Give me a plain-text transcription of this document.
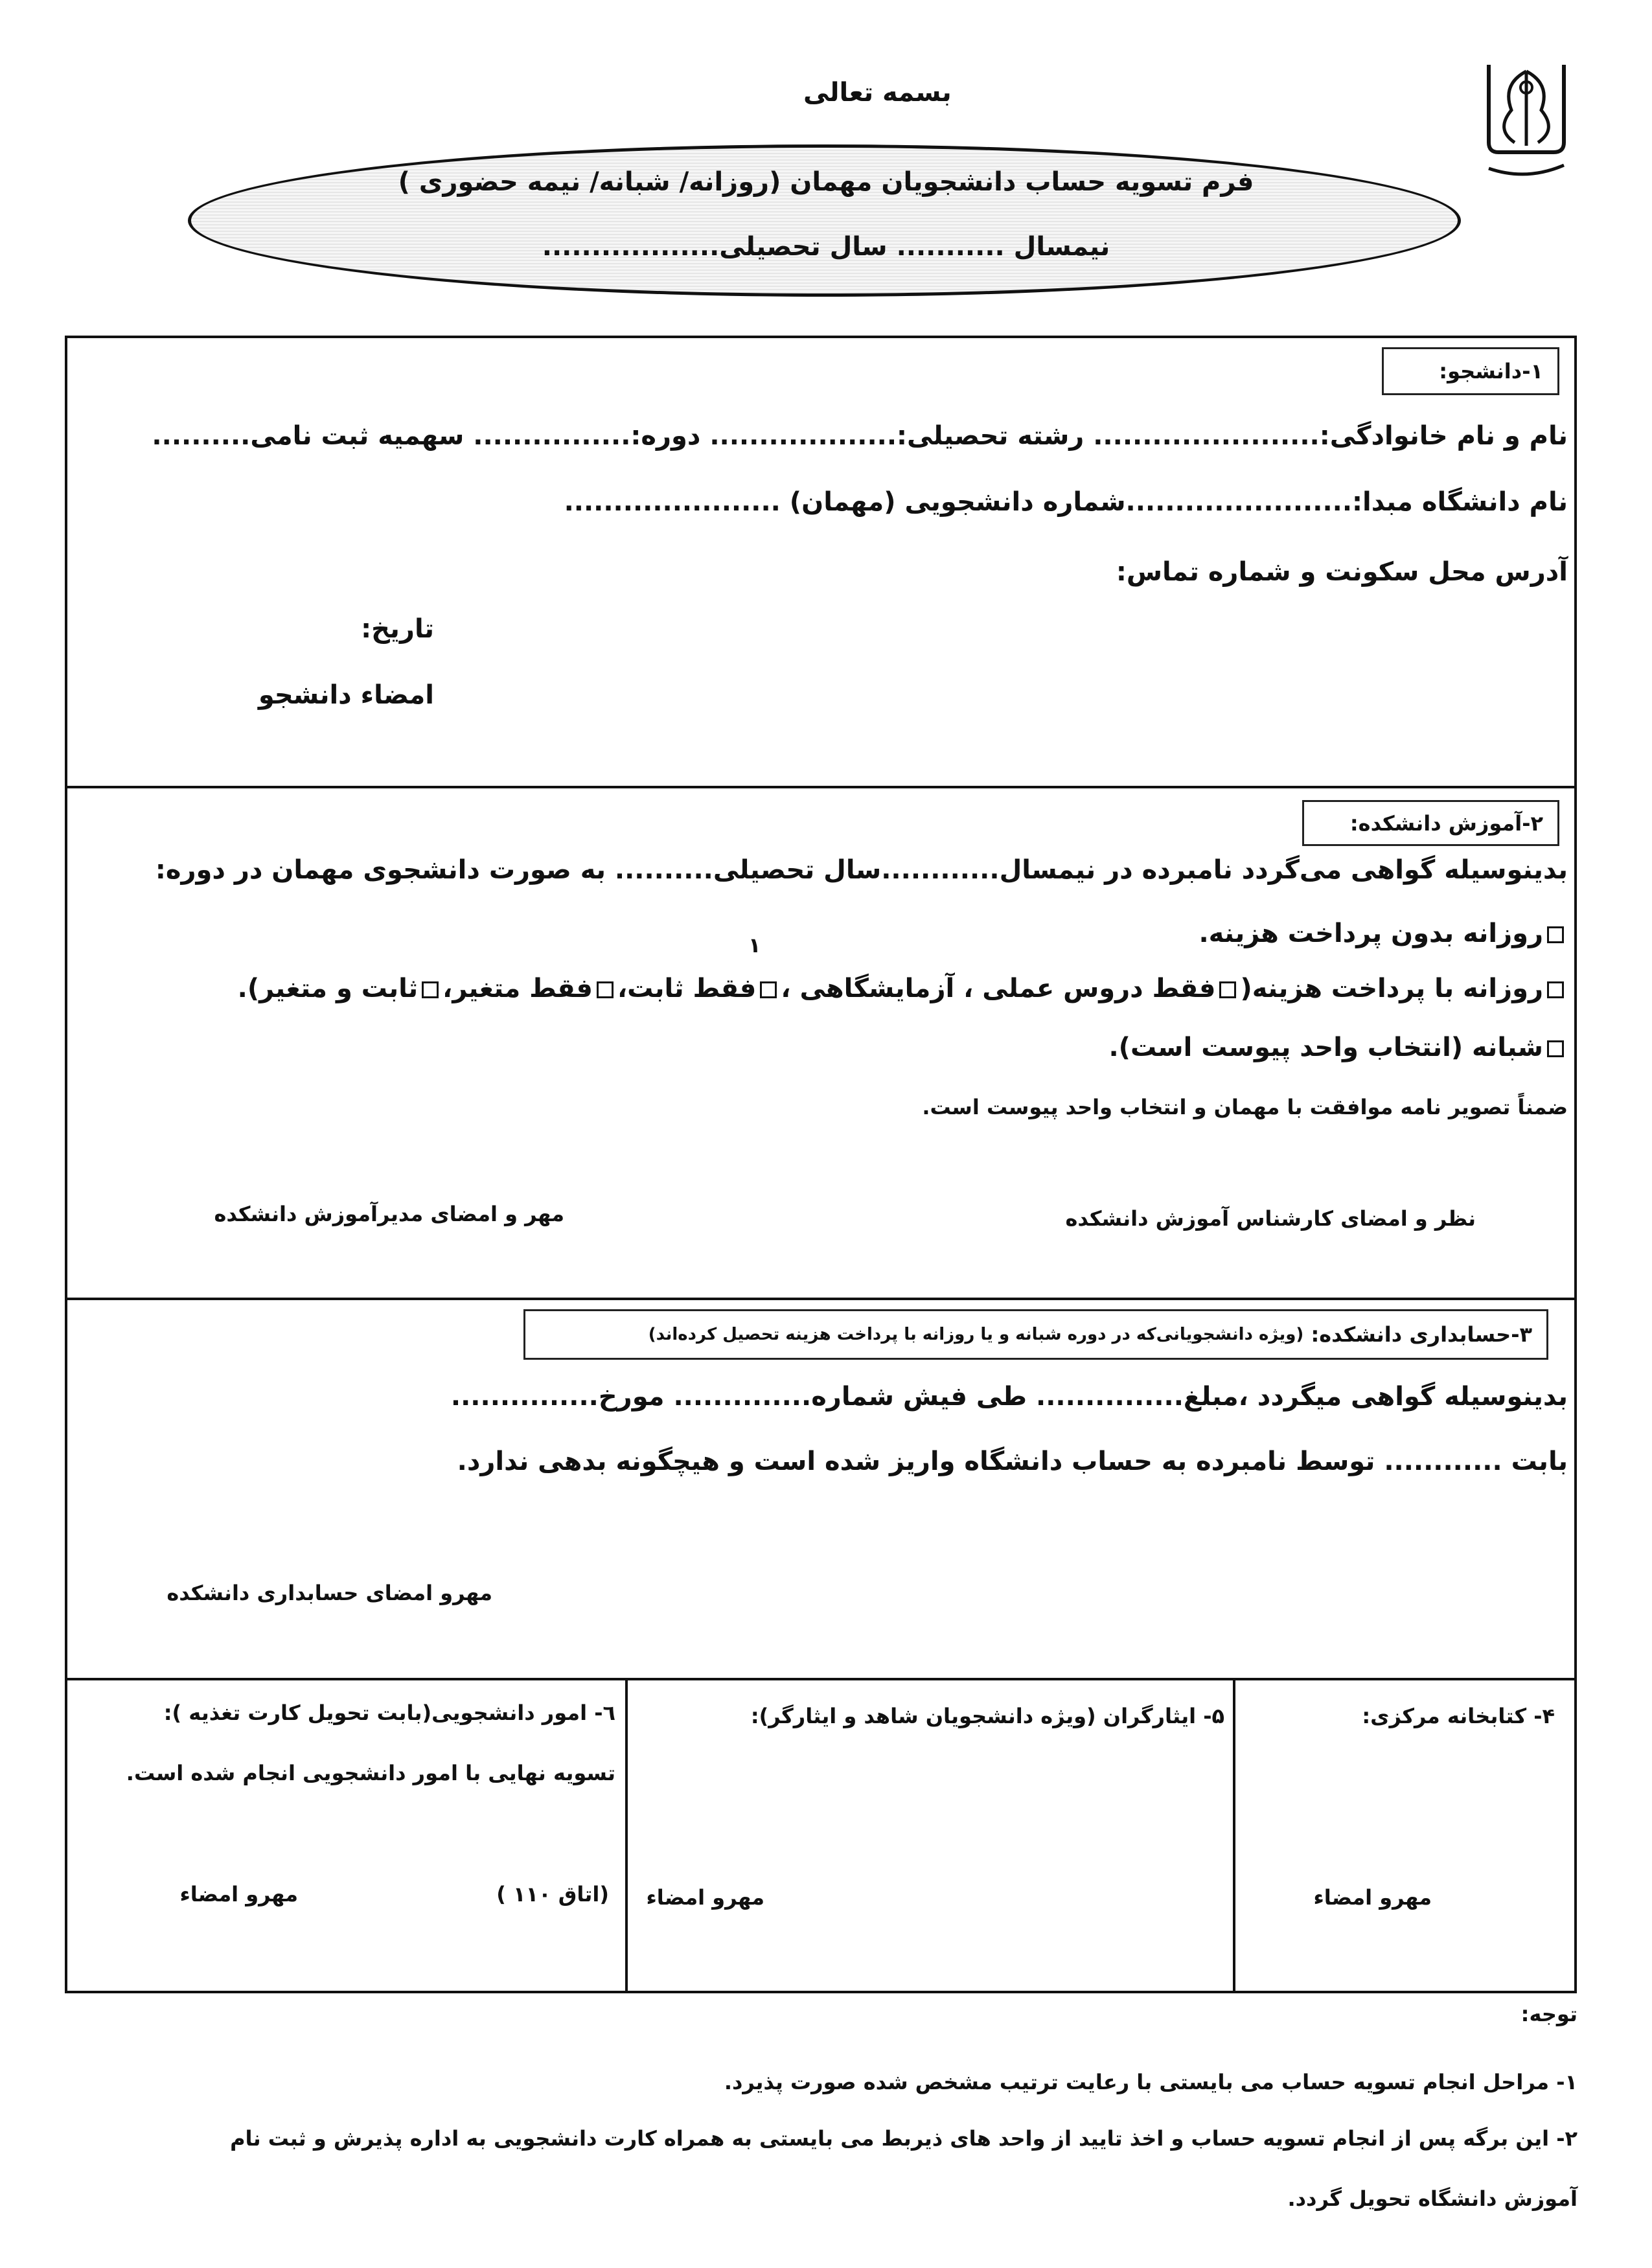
بسمه تعالی
فرم تسویه حساب دانشجویان مهمان (روزانه/ شبانه/ نیمه حضوری )
نیمسال ........... سال تحصیلی..................
۱-دانشجو:
نام و نام خانوادگی:....................... رشته تحصیلی:................... دوره:................ سهمیه ثبت نامی..........
نام دانشگاه مبدا:.......................شماره دانشجویی (مهمان) ......................
آدرس محل سکونت و شماره تماس:
تاریخ:
امضاء دانشجو
۲-آموزش دانشکده:
بدینوسیله گواهی می‌گردد نامبرده در نیمسال............سال تحصیلی.......... به صورت دانشجوی مهمان در دوره:
۱	روزانه بدون پرداخت هزینه.
روزانه با پرداخت هزینه(فقط دروس عملی ، آزمایشگاهی ،فقط ثابت،فقط متغیر،ثابت و متغیر).
شبانه (انتخاب واحد پیوست است).
ضمناً تصویر نامه موافقت با مهمان و انتخاب واحد پیوست است.
نظر و امضای کارشناس آموزش دانشکده
مهر و امضای مدیرآموزش دانشکده
۳-حسابداری دانشکده:

(ویژه دانشجویانی‌که در دوره شبانه و یا روزانه با پرداخت هزینه تحصیل کرده‌اند)
بدینوسیله گواهی میگردد ،مبلغ............... طی فیش شماره.............. مورخ...............
بابت ............ توسط نامبرده به حساب دانشگاه واریز شده است و هیچگونه بدهی ندارد.
مهرو امضای حسابداری دانشکده
۴- کتابخانه مرکزی:
مهرو امضاء
۵- ایثارگران (ویژه دانشجویان شاهد و ایثارگر):
مهرو امضاء
٦- امور دانشجویی(بابت تحویل کارت تغذیه ):
تسویه نهایی با امور دانشجویی انجام شده است.
(اتاق ۱۱۰ )
مهرو امضاء
توجه:
۱- مراحل انجام تسویه حساب می بایستی با رعایت ترتیب مشخص شده صورت پذیرد.
۲- این برگه پس از انجام تسویه حساب و اخذ تایید از واحد های ذیربط می بایستی به همراه کارت دانشجویی به اداره پذیرش و ثبت نام
آموزش دانشگاه تحویل گردد.
